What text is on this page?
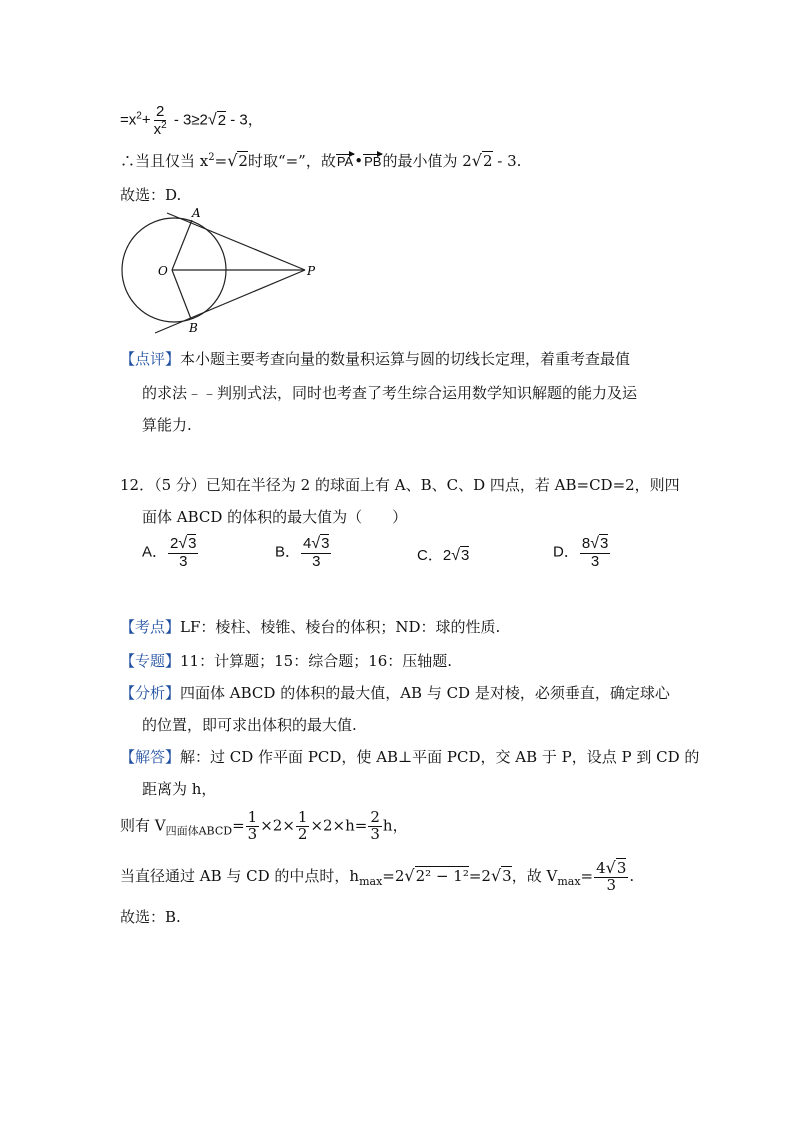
$=x^2+ \frac{2}{x^2} - 3\ge 2√2 - 3$，
∴当且仅当 $x^2=√2$时取“=”，故PA•PB的最小值为 2√2 - 3.
故选：D.
A
B
O	P
【点评】本小题主要考查向量的数量积运算与圆的切线长定理，着重考查最值
的求法﹣﹣判别式法，同时也考查了考生综合运用数学知识解题的能力及运
算能力.
12．（5 分）已知在半径为 2 的球面上有 A、B、C、D 四点，若 AB=CD=2，则四
面体 ABCD 的体积的最大值为（　　）
A． $\frac{2√3}{3}$	B． $\frac{4√3}{3}$	C．2√3	D． $\frac{8√3}{3}$
【考点】LF：棱柱、棱锥、棱台的体积；ND：球的性质.
【专题】11：计算题；15：综合题；16：压轴题.
【分析】四面体 ABCD 的体积的最大值，AB 与 CD 是对棱，必须垂直，确定球心
的位置，即可求出体积的最大值.
【解答】解：过 CD 作平面 PCD，使 AB⊥平面 PCD，交 AB 于 P，设点 P 到 CD 的
距离为 h，
则有 $V_{四面体ABCD}= \frac{1}{3} \times 2\times \frac{1}{2} \times 2\times h= \frac{2}{3}$ h，
当直径通过 AB 与 CD 的中点时，$h_{max}=2√2^2 - 1^2=2√3$，故 $V_{max}= \frac{4√3}{3}$ .
故选：B.
